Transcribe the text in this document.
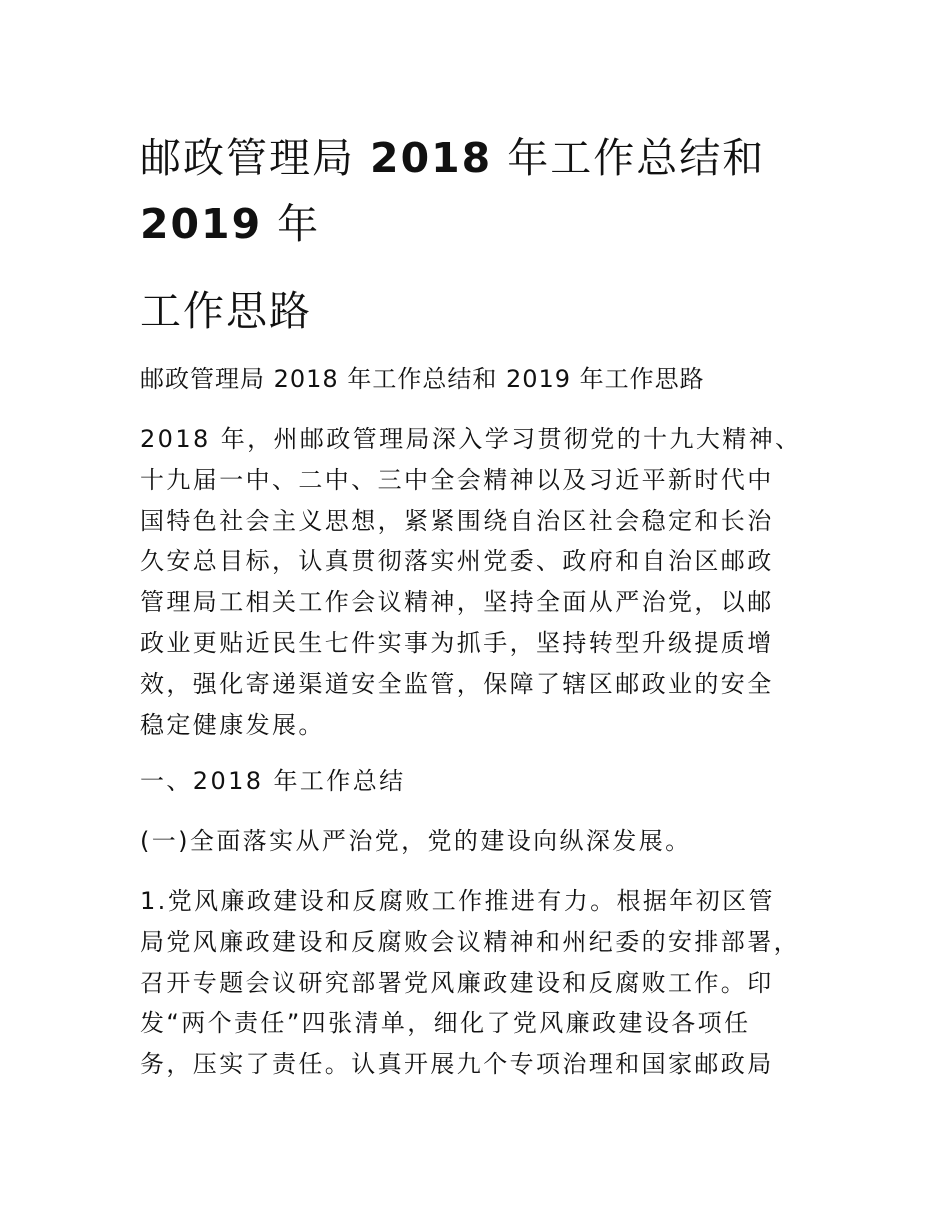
邮政管理局 2018 年工作总结和
2019 年
工作思路
邮政管理局 2018 年工作总结和 2019 年工作思路
2018 年，州邮政管理局深入学习贯彻党的十九大精神、
十九届一中、二中、三中全会精神以及习近平新时代中
国特色社会主义思想，紧紧围绕自治区社会稳定和长治
久安总目标，认真贯彻落实州党委、政府和自治区邮政
管理局工相关工作会议精神，坚持全面从严治党，以邮
政业更贴近民生七件实事为抓手，坚持转型升级提质增
效，强化寄递渠道安全监管，保障了辖区邮政业的安全
稳定健康发展。
一、2018 年工作总结
(一)全面落实从严治党，党的建设向纵深发展。
1.党风廉政建设和反腐败工作推进有力。根据年初区管
局党风廉政建设和反腐败会议精神和州纪委的安排部署，
召开专题会议研究部署党风廉政建设和反腐败工作。印
发“两个责任”四张清单，细化了党风廉政建设各项任
务，压实了责任。认真开展九个专项治理和国家邮政局
